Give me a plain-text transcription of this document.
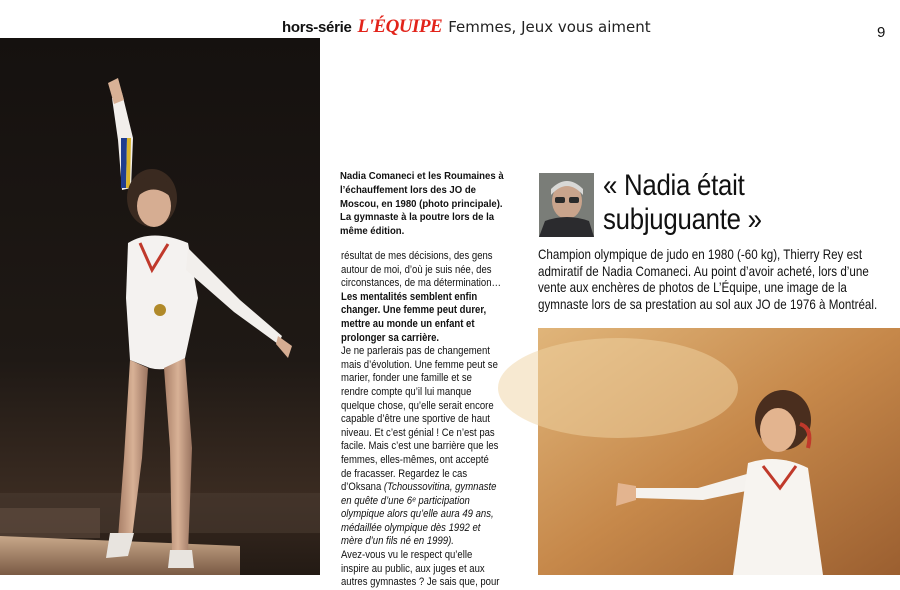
hors-série L'ÉQUIPE Femmes, Jeux vous aiment	9
Nadia Comaneci et les Roumaines à l’échauffement lors des JO de Moscou, en 1980 (photo principale). La gymnaste à la poutre lors de la même édition.

résultat de mes décisions, des gens autour de moi, d’où je suis née, des circonstances, de ma détermination…

Les mentalités semblent enfin changer. Une femme peut durer, mettre au monde un enfant et prolonger sa carrière.

Je ne parlerais pas de changement mais d’évolution. Une femme peut se marier, fonder une famille et se rendre compte qu’il lui manque quelque chose, qu’elle serait encore capable d’être une sportive de haut niveau. Et c’est génial ! Ce n’est pas facile. Mais c’est une barrière que les femmes, elles-mêmes, ont accepté de fracasser. Regardez le cas d’Oksana (Tchoussovitina, gymnaste en quête d’une 6ᵉ participation olympique alors qu’elle aura 49 ans, médaillée olympique dès 1992 et mère d’un fils né en 1999).

Avez-vous vu le respect qu’elle inspire au public, aux juges et aux autres gymnastes ? Je sais que, pour

« Nadia était
subjuguante »
Champion olympique de judo en 1980 (-60 kg), Thierry Rey est admiratif de Nadia Comaneci. Au point d’avoir acheté, lors d’une vente aux enchères de photos de L’Équipe, une image de la gymnaste lors de sa prestation au sol aux JO de 1976 à Montréal.
